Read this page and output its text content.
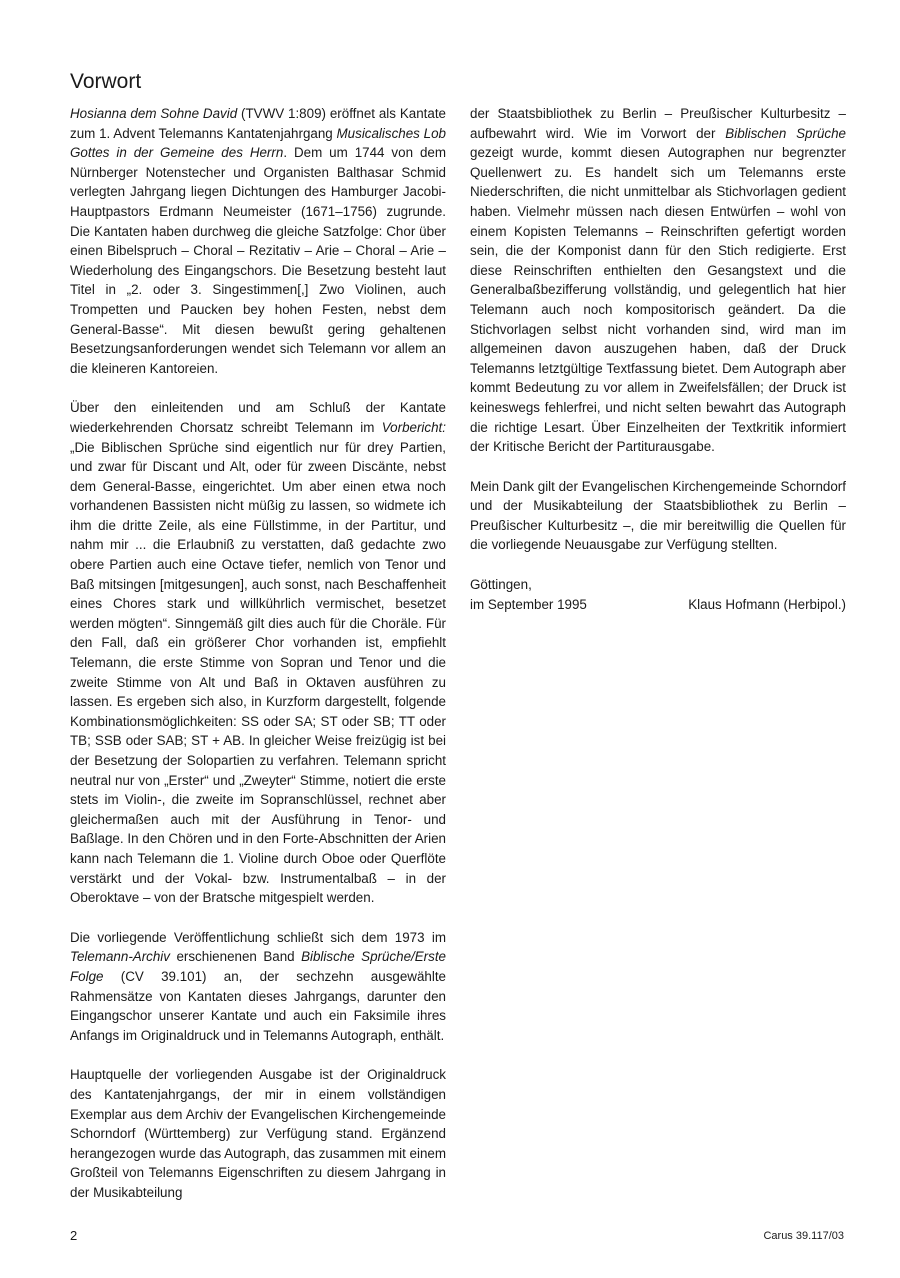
Vorwort

Hosianna dem Sohne David (TVWV 1:809) eröffnet als Kantate zum 1. Advent Telemanns Kantatenjahrgang Musicalisches Lob Gottes in der Gemeine des Herrn. Dem um 1744 von dem Nürnberger Notenstecher und Organisten Balthasar Schmid verlegten Jahrgang liegen Dichtungen des Hamburger Jacobi-Hauptpastors Erdmann Neumeister (1671–1756) zugrunde. Die Kantaten haben durchweg die gleiche Satzfolge: Chor über einen Bibelspruch – Choral – Rezitativ – Arie – Choral – Arie – Wiederholung des Eingangschors. Die Besetzung besteht laut Titel in „2. oder 3. Singestimmen[,] Zwo Violinen, auch Trompetten und Paucken bey hohen Festen, nebst dem General-Basse“. Mit diesen bewußt gering gehaltenen Besetzungsanforderungen wendet sich Telemann vor allem an die kleineren Kantoreien.

Über den einleitenden und am Schluß der Kantate wiederkehrenden Chorsatz schreibt Telemann im Vorbericht: „Die Biblischen Sprüche sind eigentlich nur für drey Partien, und zwar für Discant und Alt, oder für zween Discänte, nebst dem General-Basse, eingerichtet. Um aber einen etwa noch vorhandenen Bassisten nicht müßig zu lassen, so widmete ich ihm die dritte Zeile, als eine Füllstimme, in der Partitur, und nahm mir ... die Erlaubniß zu verstatten, daß gedachte zwo obere Partien auch eine Octave tiefer, nemlich von Tenor und Baß mitsingen [mitgesungen], auch sonst, nach Beschaffenheit eines Chores stark und willkührlich vermischet, besetzet werden mögten“. Sinngemäß gilt dies auch für die Choräle. Für den Fall, daß ein größerer Chor vorhanden ist, empfiehlt Telemann, die erste Stimme von Sopran und Tenor und die zweite Stimme von Alt und Baß in Oktaven ausführen zu lassen. Es ergeben sich also, in Kurzform dargestellt, folgende Kombinationsmöglichkeiten: SS oder SA; ST oder SB; TT oder TB; SSB oder SAB; ST + AB. In gleicher Weise freizügig ist bei der Besetzung der Solopartien zu verfahren. Telemann spricht neutral nur von „Erster“ und „Zweyter“ Stimme, notiert die erste stets im Violin-, die zweite im Sopranschlüssel, rechnet aber gleichermaßen auch mit der Ausführung in Tenor- und Baßlage. In den Chören und in den Forte-Abschnitten der Arien kann nach Telemann die 1. Violine durch Oboe oder Querflöte verstärkt und der Vokal- bzw. Instrumentalbaß – in der Oberoktave – von der Bratsche mitgespielt werden.

Die vorliegende Veröffentlichung schließt sich dem 1973 im Telemann-Archiv erschienenen Band Biblische Sprüche/Erste Folge (CV 39.101) an, der sechzehn ausgewählte Rahmensätze von Kantaten dieses Jahrgangs, darunter den Eingangschor unserer Kantate und auch ein Faksimile ihres Anfangs im Originaldruck und in Telemanns Autograph, enthält.

Hauptquelle der vorliegenden Ausgabe ist der Originaldruck des Kantatenjahrgangs, der mir in einem vollständigen Exemplar aus dem Archiv der Evangelischen Kirchengemeinde Schorndorf (Württemberg) zur Verfügung stand. Ergänzend herangezogen wurde das Autograph, das zusammen mit einem Großteil von Telemanns Eigenschriften zu diesem Jahrgang in der Musikabteilung

der Staatsbibliothek zu Berlin – Preußischer Kulturbesitz – aufbewahrt wird. Wie im Vorwort der Biblischen Sprüche gezeigt wurde, kommt diesen Autographen nur begrenzter Quellenwert zu. Es handelt sich um Telemanns erste Niederschriften, die nicht unmittelbar als Stichvorlagen gedient haben. Vielmehr müssen nach diesen Entwürfen – wohl von einem Kopisten Telemanns – Reinschriften gefertigt worden sein, die der Komponist dann für den Stich redigierte. Erst diese Reinschriften enthielten den Gesangstext und die Generalbaßbezifferung vollständig, und gelegentlich hat hier Telemann auch noch kompositorisch geändert. Da die Stichvorlagen selbst nicht vorhanden sind, wird man im allgemeinen davon auszugehen haben, daß der Druck Telemanns letztgültige Textfassung bietet. Dem Autograph aber kommt Bedeutung zu vor allem in Zweifelsfällen; der Druck ist keineswegs fehlerfrei, und nicht selten bewahrt das Autograph die richtige Lesart. Über Einzelheiten der Textkritik informiert der Kritische Bericht der Partiturausgabe.

Mein Dank gilt der Evangelischen Kirchengemeinde Schorndorf und der Musikabteilung der Staatsbibliothek zu Berlin – Preußischer Kulturbesitz –, die mir bereitwillig die Quellen für die vorliegende Neuausgabe zur Verfügung stellten.

Göttingen,
im September 1995	Klaus Hofmann (Herbipol.)
2	Carus 39.117/03
